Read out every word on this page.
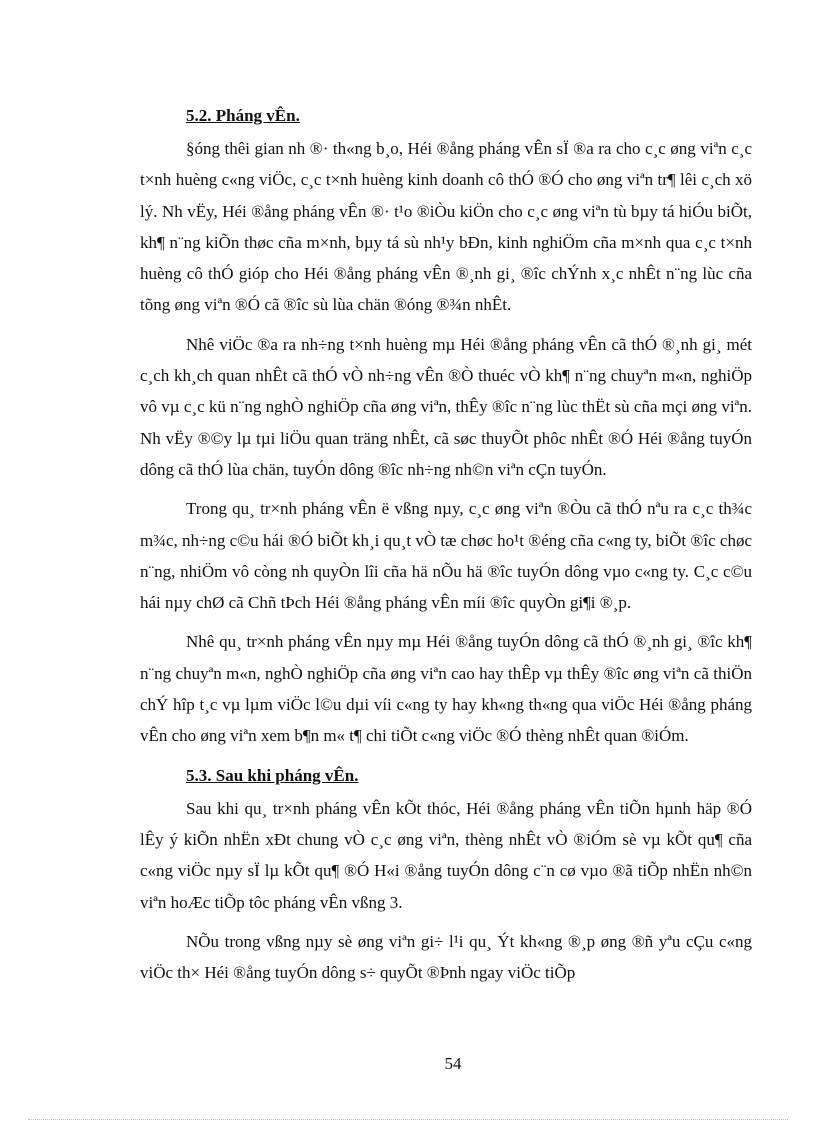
5.2. Pháng vÊn.

§óng thêi gian nh ®· th«ng b¸o, Héi ®ång pháng vÊn sÏ ®a ra cho c¸c øng viªn c¸c t×nh huèng c«ng viÖc, c¸c t×nh huèng kinh doanh cô thÓ ®Ó cho øng viªn tr¶ lêi c¸ch xö lý. Nh vËy, Héi ®ång pháng vÊn ®· t¹o ®iÒu kiÖn cho c¸c øng viªn tù bµy tá hiÓu biÕt, kh¶ n¨ng kiÕn thøc cña m×nh, bµy tá sù nh¹y bÐn, kinh nghiÖm cña m×nh qua c¸c t×nh huèng cô thÓ gióp cho Héi ®ång pháng vÊn ®¸nh gi¸ ®îc chÝnh x¸c nhÊt n¨ng lùc cña tõng øng viªn ®Ó cã ®îc sù lùa chän ®óng ®¾n nhÊt.

Nhê viÖc ®a ra nh÷ng t×nh huèng mµ Héi ®ång pháng vÊn cã thÓ ®¸nh gi¸ mét c¸ch kh¸ch quan nhÊt cã thÓ vÒ nh÷ng vÊn ®Ò thuéc vÒ kh¶ n¨ng chuyªn m«n, nghiÖp vô vµ c¸c kü n¨ng nghÒ nghiÖp cña øng viªn, thÊy ®îc n¨ng lùc thËt sù cña mçi øng viªn. Nh vËy ®©y lµ tµi liÖu quan träng nhÊt, cã søc thuyÕt phôc nhÊt ®Ó Héi ®ång tuyÓn dông cã thÓ lùa chän, tuyÓn dông ®îc nh÷ng nh©n viªn cÇn tuyÓn.

Trong qu¸ tr×nh pháng vÊn ë vßng nµy, c¸c øng viªn ®Òu cã thÓ nªu ra c¸c th¾c m¾c, nh÷ng c©u hái ®Ó biÕt kh¸i qu¸t vÒ tæ chøc ho¹t ®éng cña c«ng ty, biÕt ®îc chøc n¨ng, nhiÖm vô còng nh quyÒn lîi cña hä nÕu hä ®îc tuyÓn dông vµo c«ng ty. C¸c c©u hái nµy chØ cã Chñ tÞch Héi ®ång pháng vÊn míi ®îc quyÒn gi¶i ®¸p.

Nhê qu¸ tr×nh pháng vÊn nµy mµ Héi ®ång tuyÓn dông cã thÓ ®¸nh gi¸ ®îc kh¶ n¨ng chuyªn m«n, nghÒ nghiÖp cña øng viªn cao hay thÊp vµ thÊy ®îc øng viªn cã thiÖn chÝ hîp t¸c vµ lµm viÖc l©u dµi víi c«ng ty hay kh«ng th«ng qua viÖc Héi ®ång pháng vÊn cho øng viªn xem b¶n m« t¶ chi tiÕt c«ng viÖc ®Ó thèng nhÊt quan ®iÓm.

5.3. Sau khi pháng vÊn.

Sau khi qu¸ tr×nh pháng vÊn kÕt thóc, Héi ®ång pháng vÊn tiÕn hµnh häp ®Ó lÊy ý kiÕn nhËn xÐt chung vÒ c¸c øng viªn, thèng nhÊt vÒ ®iÓm sè vµ kÕt qu¶ cña c«ng viÖc nµy sÏ lµ kÕt qu¶ ®Ó H«i ®ång tuyÓn dông c¨n cø vµo ®ã tiÕp nhËn nh©n viªn hoÆc tiÕp tôc pháng vÊn vßng 3.

NÕu trong vßng nµy sè øng viªn gi÷ l¹i qu¸ Ýt kh«ng ®¸p øng ®ñ yªu cÇu c«ng viÖc th× Héi ®ång tuyÓn dông s÷ quyÕt ®Þnh ngay viÖc tiÕp

54
